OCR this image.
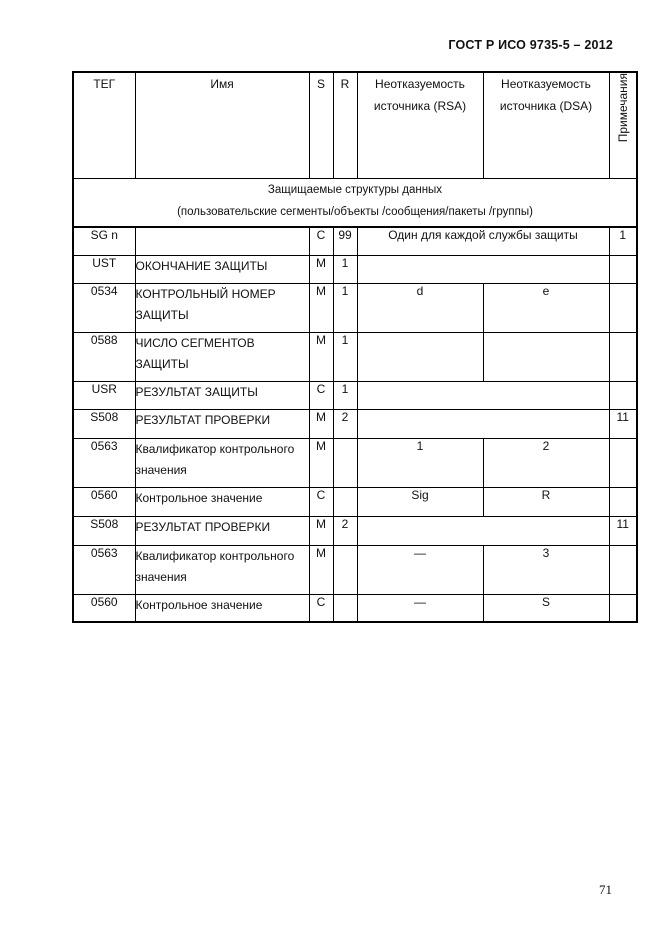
ГОСТ Р ИСО 9735-5 – 2012
ТЕГ	Имя	S	R	Неотказуемость источника (RSA)	Неотказуемость источника (DSA)	Примечания

Защищаемые структуры данных
(пользовательские сегменты/объекты /сообщения/пакеты /группы)						

SG n		C	99	Один для каждой службы защиты		1
UST	ОКОНЧАНИЕ ЗАЩИТЫ	M	1			
0534	КОНТРОЛЬНЫЙ НОМЕР ЗАЩИТЫ	M	1	d	e	
0588	ЧИСЛО СЕГМЕНТОВ ЗАЩИТЫ	M	1			
USR	РЕЗУЛЬТАТ ЗАЩИТЫ	C	1			
S508	РЕЗУЛЬТАТ ПРОВЕРКИ	M	2			11
0563	Квалификатор контрольного значения	M		1	2	
0560	Контрольное значение	C		Sig	R	
S508	РЕЗУЛЬТАТ ПРОВЕРКИ	M	2			11
0563	Квалификатор контрольного значения	M		—	3	
0560	Контрольное значение	C		—	S	
71
